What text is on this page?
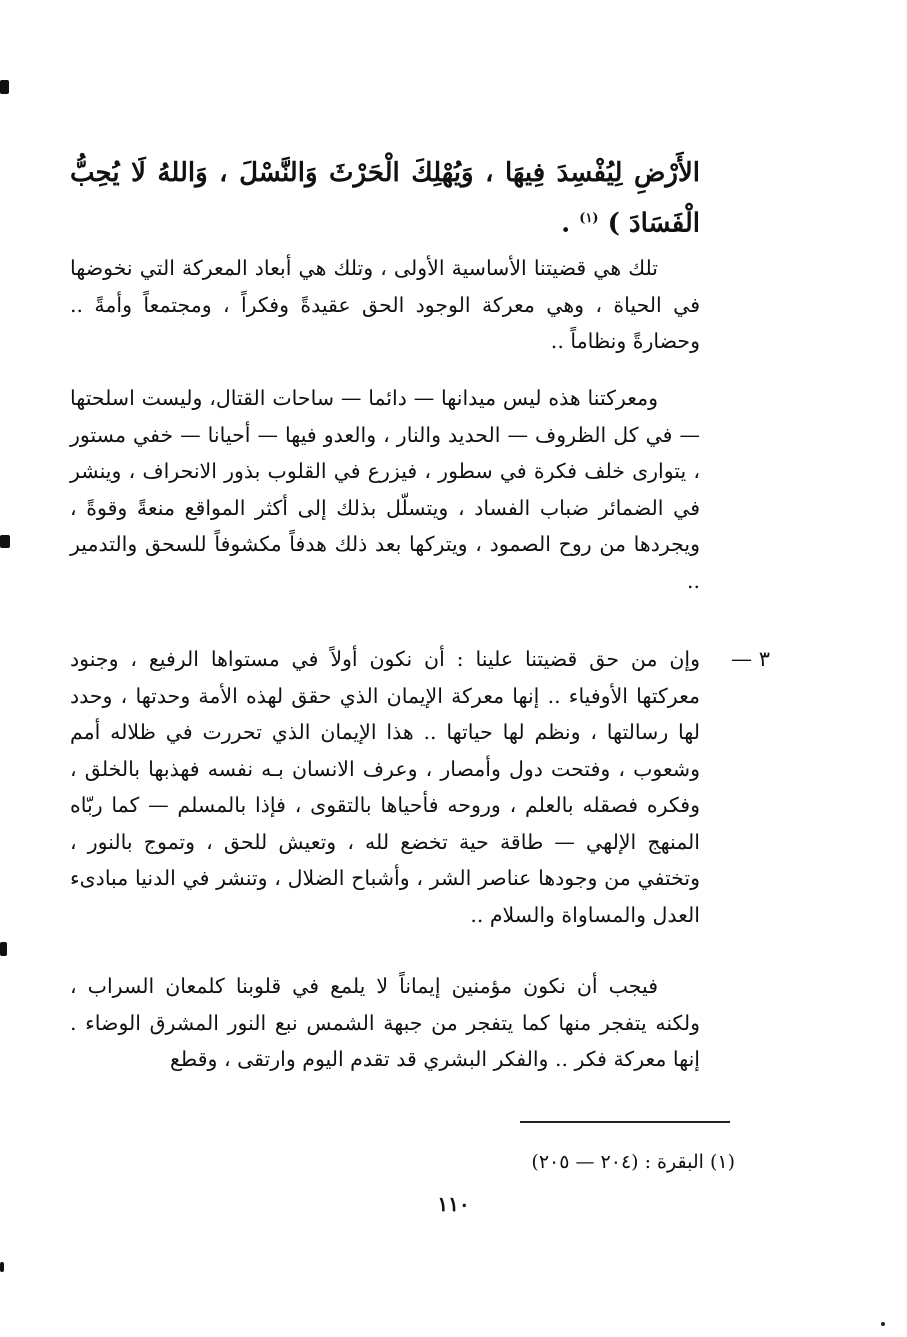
الأَرْضِ لِيُفْسِدَ فِيهَا ، وَيُهْلِكَ الْحَرْثَ وَالنَّسْلَ ، وَاللهُ لَا يُحِبُّ الْفَسَادَ ) $^{(١)}$ .
تلك هي قضيتنا الأساسية الأولى ، وتلك هي أبعاد المعركة التي نخوضها في الحياة ، وهي معركة الوجود الحق عقيدةً وفكراً ، ومجتمعاً وأمةً .. وحضارةً ونظاماً ..
ومعركتنا هذه ليس ميدانها — دائما — ساحات القتال، وليست اسلحتها — في كل الظروف — الحديد والنار ، والعدو فيها — أحيانا — خفي مستور ، يتوارى خلف فكرة في سطور ، فيزرع في القلوب بذور الانحراف ، وينشر في الضمائر ضباب الفساد ، ويتسلّل بذلك إلى أكثر المواقع منعةً وقوةً ، ويجردها من روح الصمود ، ويتركها بعد ذلك هدفاً مكشوفاً للسحق والتدمير ..
٣ —
وإن من حق قضيتنا علينا : أن نكون أولاً في مستواها الرفيع ، وجنود معركتها الأوفياء .. إنها معركة الإيمان الذي حقق لهذه الأمة وحدتها ، وحدد لها رسالتها ، ونظم لها حياتها .. هذا الإيمان الذي تحررت في ظلاله أمم وشعوب ، وفتحت دول وأمصار ، وعرف الانسان بـه نفسه فهذبها بالخلق ، وفكره فصقله بالعلم ، وروحه فأحياها بالتقوى ، فإذا بالمسلم — كما ربّاه المنهج الإلهي — طاقة حية تخضع لله ، وتعيش للحق ، وتموج بالنور ، وتختفي من وجودها عناصر الشر ، وأشباح الضلال ، وتنشر في الدنيا مبادىء العدل والمساواة والسلام ..
فيجب أن نكون مؤمنين إيماناً لا يلمع في قلوبنا كلمعان السراب ، ولكنه يتفجر منها كما يتفجر من جبهة الشمس نبع النور المشرق الوضاء . إنها معركة فكر .. والفكر البشري قد تقدم اليوم وارتقى ، وقطع
(١) البقرة : (٢٠٤ — ٢٠٥)
١١٠
